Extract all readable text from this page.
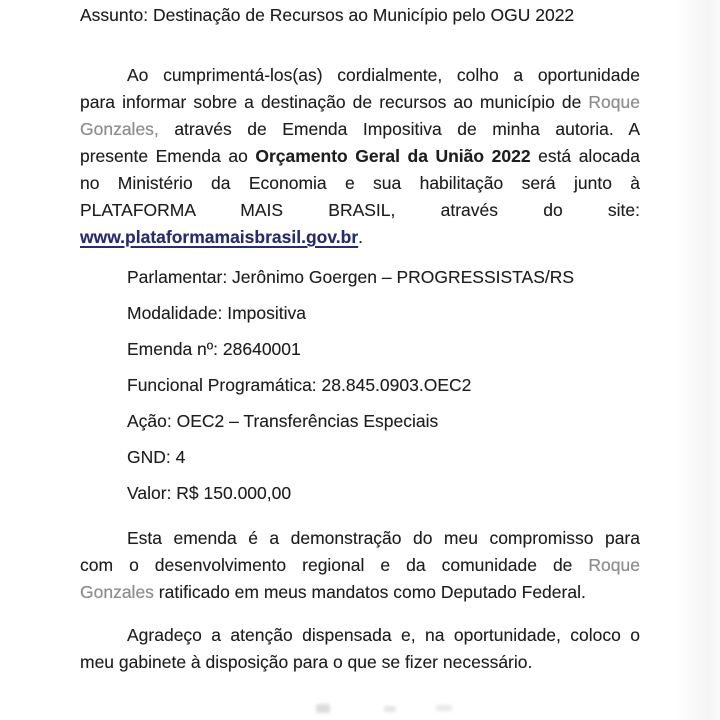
Assunto: Destinação de Recursos ao Município pelo OGU 2022
Ao cumprimentá-los(as) cordialmente, colho a oportunidade
para informar sobre a destinação de recursos ao município de Roque
Gonzales, através de Emenda Impositiva de minha autoria. A
presente Emenda ao Orçamento Geral da União 2022 está alocada
no Ministério da Economia e sua habilitação será junto à
PLATAFORMA MAIS BRASIL, através do site:
www.plataformamaisbrasil.gov.br.
Parlamentar: Jerônimo Goergen – PROGRESSISTAS/RS
Modalidade: Impositiva
Emenda nº: 28640001
Funcional Programática: 28.845.0903.OEC2
Ação: OEC2 – Transferências Especiais
GND: 4
Valor: R$ 150.000,00
Esta emenda é a demonstração do meu compromisso para
com o desenvolvimento regional e da comunidade de Roque
Gonzales ratificado em meus mandatos como Deputado Federal.
Agradeço a atenção dispensada e, na oportunidade, coloco o
meu gabinete à disposição para o que se fizer necessário.
